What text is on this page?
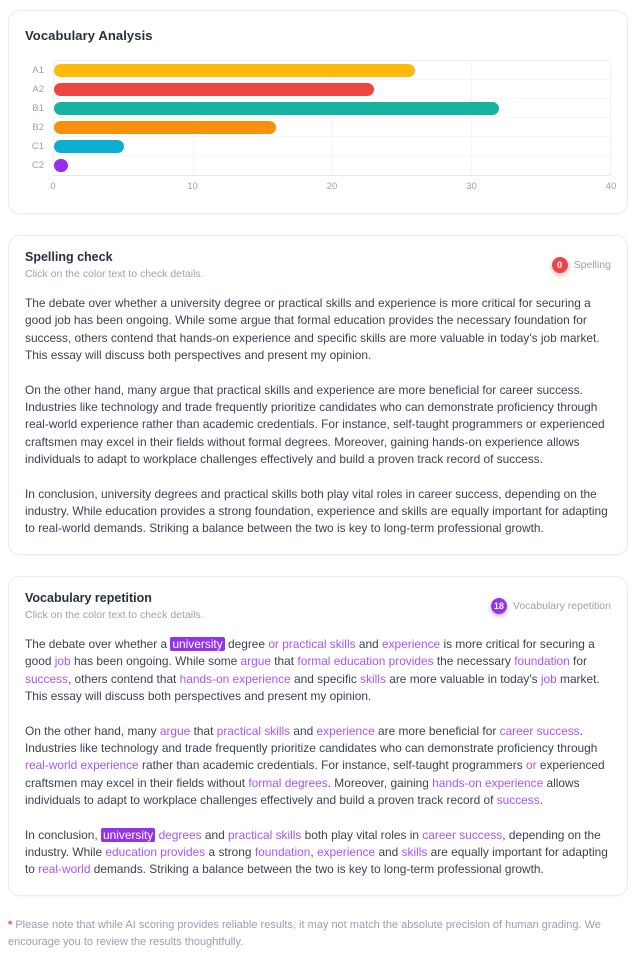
Vocabulary Analysis
A1
A2
B1
B2
C1
C2
0	10	20	30	40
Spelling check

Click on the color text to check details.

0	Spelling

The debate over whether a university degree or practical skills and experience is more critical for securing a good job has been ongoing. While some argue that formal education provides the necessary foundation for success, others contend that hands-on experience and specific skills are more valuable in today's job market. This essay will discuss both perspectives and present my opinion.

On the other hand, many argue that practical skills and experience are more beneficial for career success. Industries like technology and trade frequently prioritize candidates who can demonstrate proficiency through real-world experience rather than academic credentials. For instance, self-taught programmers or experienced craftsmen may excel in their fields without formal degrees. Moreover, gaining hands-on experience allows individuals to adapt to workplace challenges effectively and build a proven track record of success.

In conclusion, university degrees and practical skills both play vital roles in career success, depending on the industry. While education provides a strong foundation, experience and skills are equally important for adapting to real-world demands. Striking a balance between the two is key to long-term professional growth.

Vocabulary repetition

Click on the color text to check details.

18 Vocabulary repetition

The debate over whether a university degree or practical skills and experience is more critical for securing a good job has been ongoing. While some argue that formal education provides the necessary foundation for success, others contend that hands-on experience and specific skills are more valuable in today's job market. This essay will discuss both perspectives and present my opinion.

On the other hand, many argue that practical skills and experience are more beneficial for career success. Industries like technology and trade frequently prioritize candidates who can demonstrate proficiency through real-world experience rather than academic credentials. For instance, self-taught programmers or experienced craftsmen may excel in their fields without formal degrees. Moreover, gaining hands-on experience allows individuals to adapt to workplace challenges effectively and build a proven track record of success.

In conclusion, university degrees and practical skills both play vital roles in career success, depending on the industry. While education provides a strong foundation, experience and skills are equally important for adapting to real-world demands. Striking a balance between the two is key to long-term professional growth.

* Please note that while AI scoring provides reliable results, it may not match the absolute precision of human grading. We encourage you to review the results thoughtfully.
